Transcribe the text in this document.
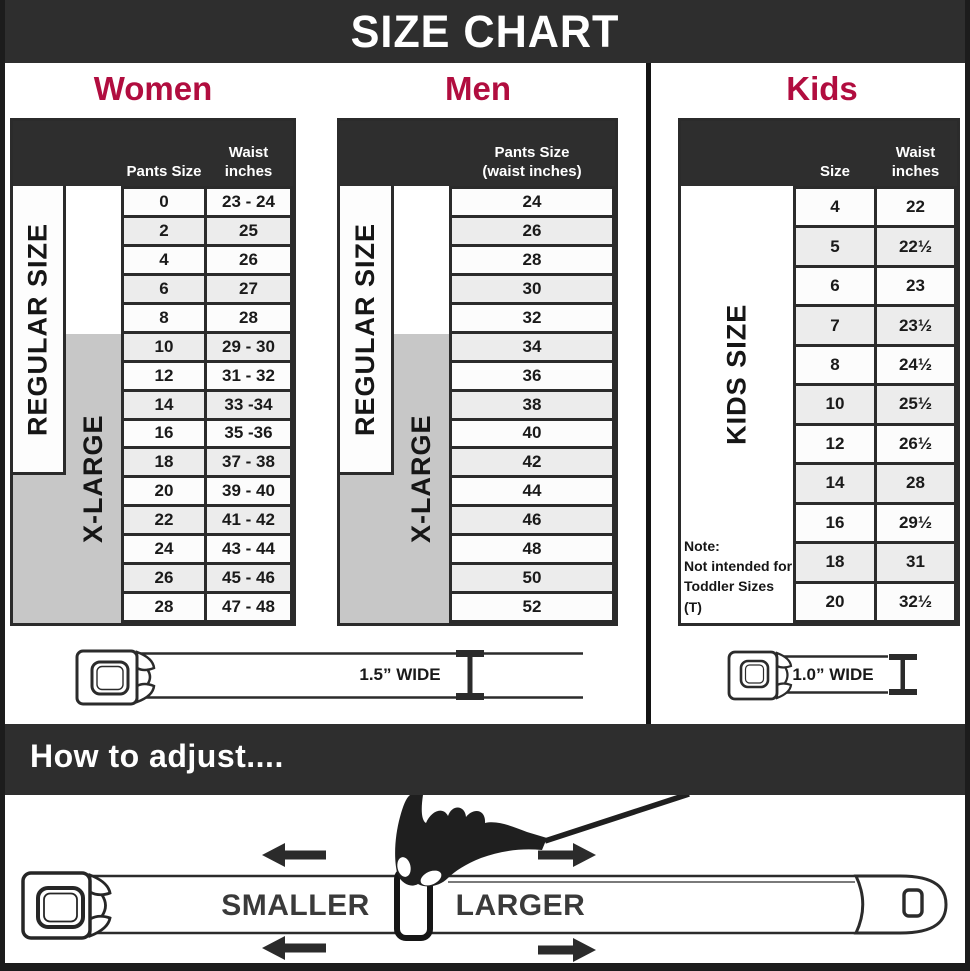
SIZE CHART
Women	Men	Kids
Pants Size
Waist
inches
REGULAR SIZE
X-LARGE
0	23 - 24
2	25
4	26
6	27
8	28
10	29 - 30
12	31 - 32
14	33 -34
16	35 -36
18	37 - 38
20	39 - 40
22	41 - 42
24	43 - 44
26	45 - 46
28	47 - 48
Pants Size
(waist inches)
REGULAR SIZE
X-LARGE
24
26
28
30
32
34
36
38
40
42
44
46
48
50
52
Size
Waist
inches
KIDS SIZE
Note:
Not intended for
Toddler Sizes (T)
4	22
5	22½
6	23
7	23½
8	24½
10	25½
12	26½
14	28
16	29½
18	31
20	32½
1.5” WIDE	1.0” WIDE
How to adjust....
SMALLER	LARGER
